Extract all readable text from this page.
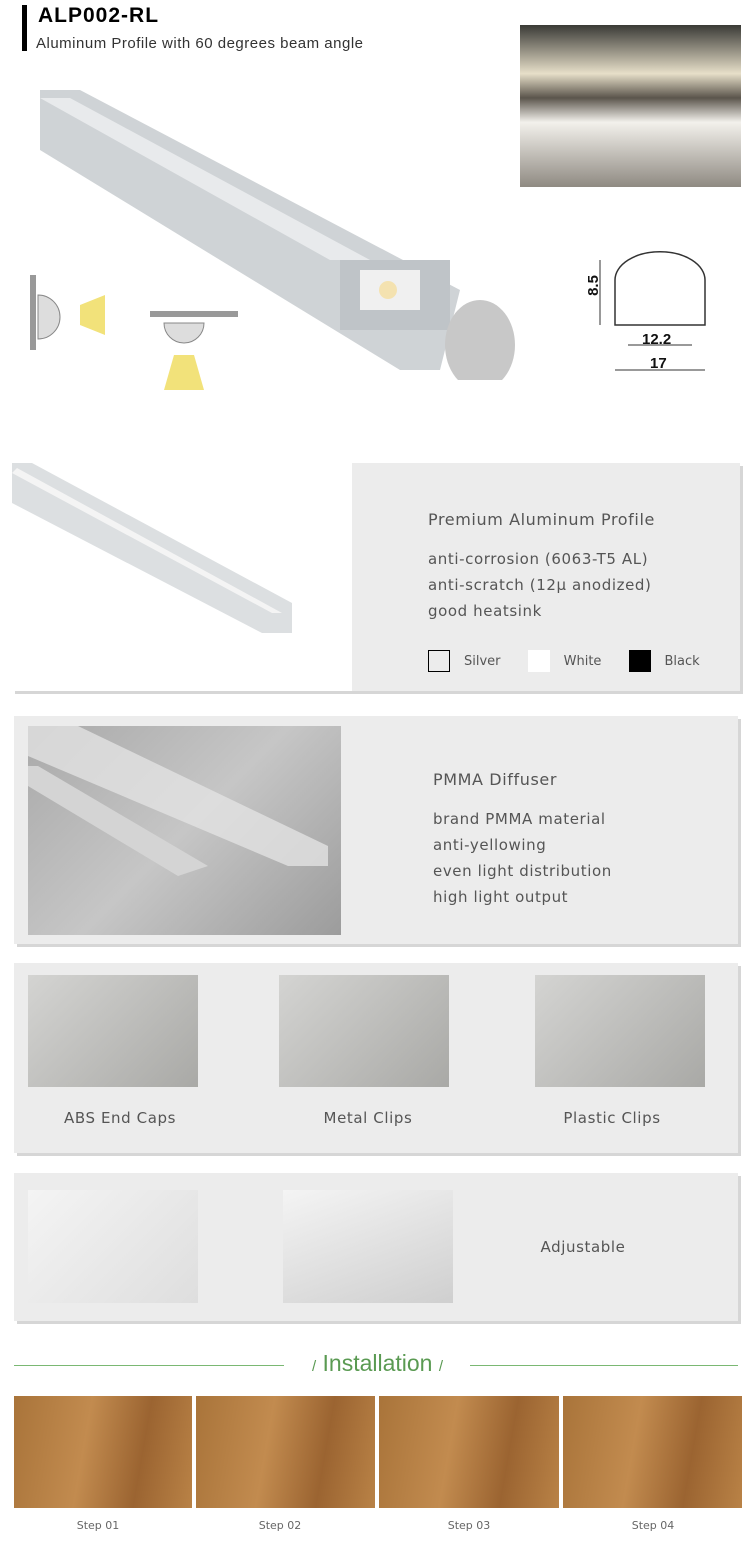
ALP002-RL
Aluminum Profile with 60 degrees beam angle
8.5
12.2
17
Premium Aluminum Profile
anti-corrosion (6063-T5 AL)
anti-scratch (12μ anodized)
good heatsink
Silver	White	Black
PMMA Diffuser
brand PMMA material
anti-yellowing
even light distribution
high light output
ABS End Caps	Metal Clips	Plastic Clips
Adjustable
/ Installation /
Step 01	Step 02	Step 03	Step 04
